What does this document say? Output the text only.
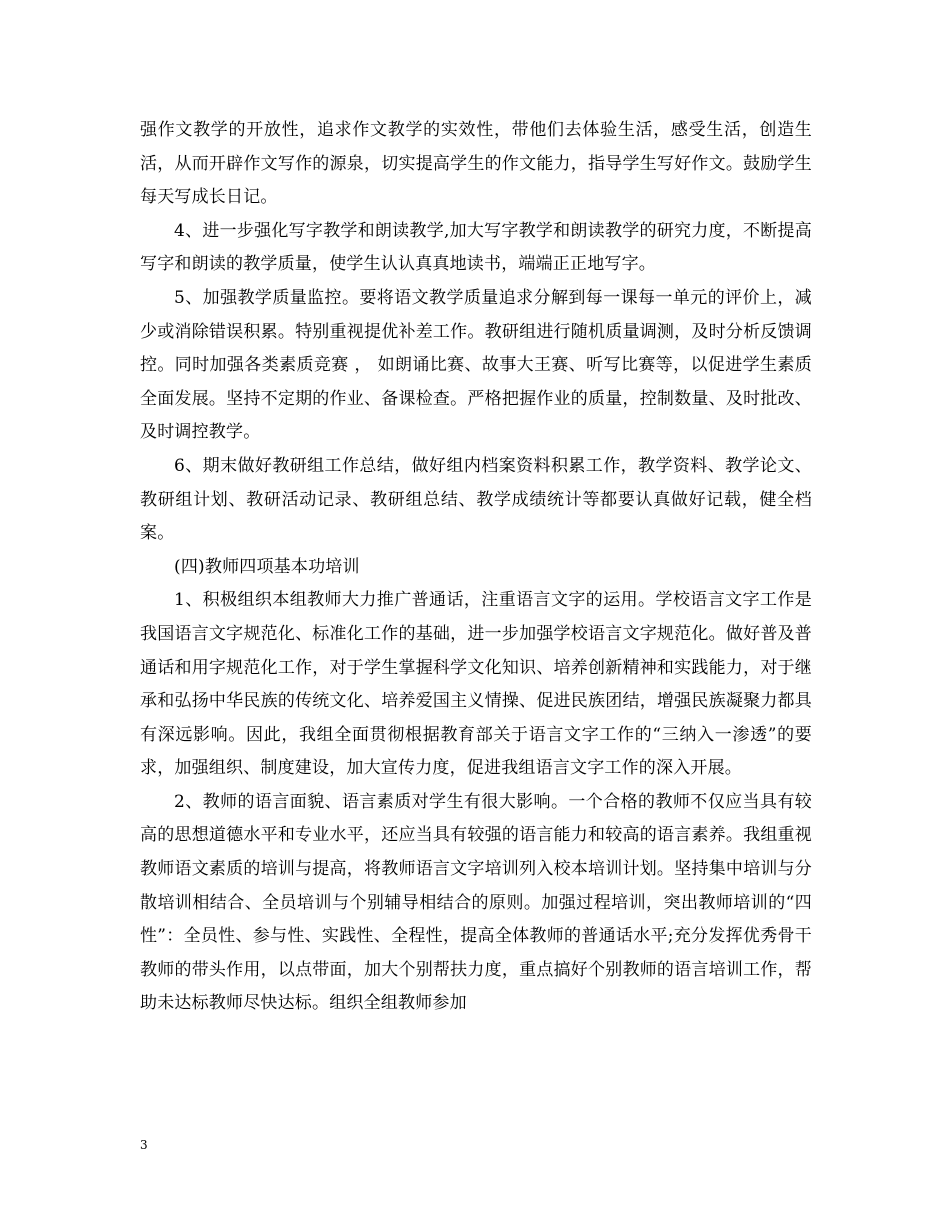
强作文教学的开放性，追求作文教学的实效性，带他们去体验生活，感受生活，创造生活，从而开辟作文写作的源泉，切实提高学生的作文能力，指导学生写好作文。鼓励学生每天写成长日记。

4、进一步强化写字教学和朗读教学,加大写字教学和朗读教学的研究力度，不断提高写字和朗读的教学质量，使学生认认真真地读书，端端正正地写字。

5、加强教学质量监控。要将语文教学质量追求分解到每一课每一单元的评价上，减少或消除错误积累。特别重视提优补差工作。教研组进行随机质量调测，及时分析反馈调控。同时加强各类素质竞赛 ， 如朗诵比赛、故事大王赛、听写比赛等，以促进学生素质全面发展。坚持不定期的作业、备课检查。严格把握作业的质量，控制数量、及时批改、及时调控教学。

6、期末做好教研组工作总结，做好组内档案资料积累工作，教学资料、教学论文、教研组计划、教研活动记录、教研组总结、教学成绩统计等都要认真做好记载，健全档案。

(四)教师四项基本功培训

1、积极组织本组教师大力推广普通话，注重语言文字的运用。学校语言文字工作是我国语言文字规范化、标准化工作的基础，进一步加强学校语言文字规范化。做好普及普通话和用字规范化工作，对于学生掌握科学文化知识、培养创新精神和实践能力，对于继承和弘扬中华民族的传统文化、培养爱国主义情操、促进民族团结，增强民族凝聚力都具有深远影响。因此，我组全面贯彻根据教育部关于语言文字工作的“三纳入一渗透”的要求，加强组织、制度建设，加大宣传力度，促进我组语言文字工作的深入开展。

2、教师的语言面貌、语言素质对学生有很大影响。一个合格的教师不仅应当具有较高的思想道德水平和专业水平，还应当具有较强的语言能力和较高的语言素养。我组重视教师语文素质的培训与提高，将教师语言文字培训列入校本培训计划。坚持集中培训与分散培训相结合、全员培训与个别辅导相结合的原则。加强过程培训，突出教师培训的“四性”：全员性、参与性、实践性、全程性，提高全体教师的普通话水平;充分发挥优秀骨干教师的带头作用，以点带面，加大个别帮扶力度，重点搞好个别教师的语言培训工作，帮助未达标教师尽快达标。组织全组教师参加

3
